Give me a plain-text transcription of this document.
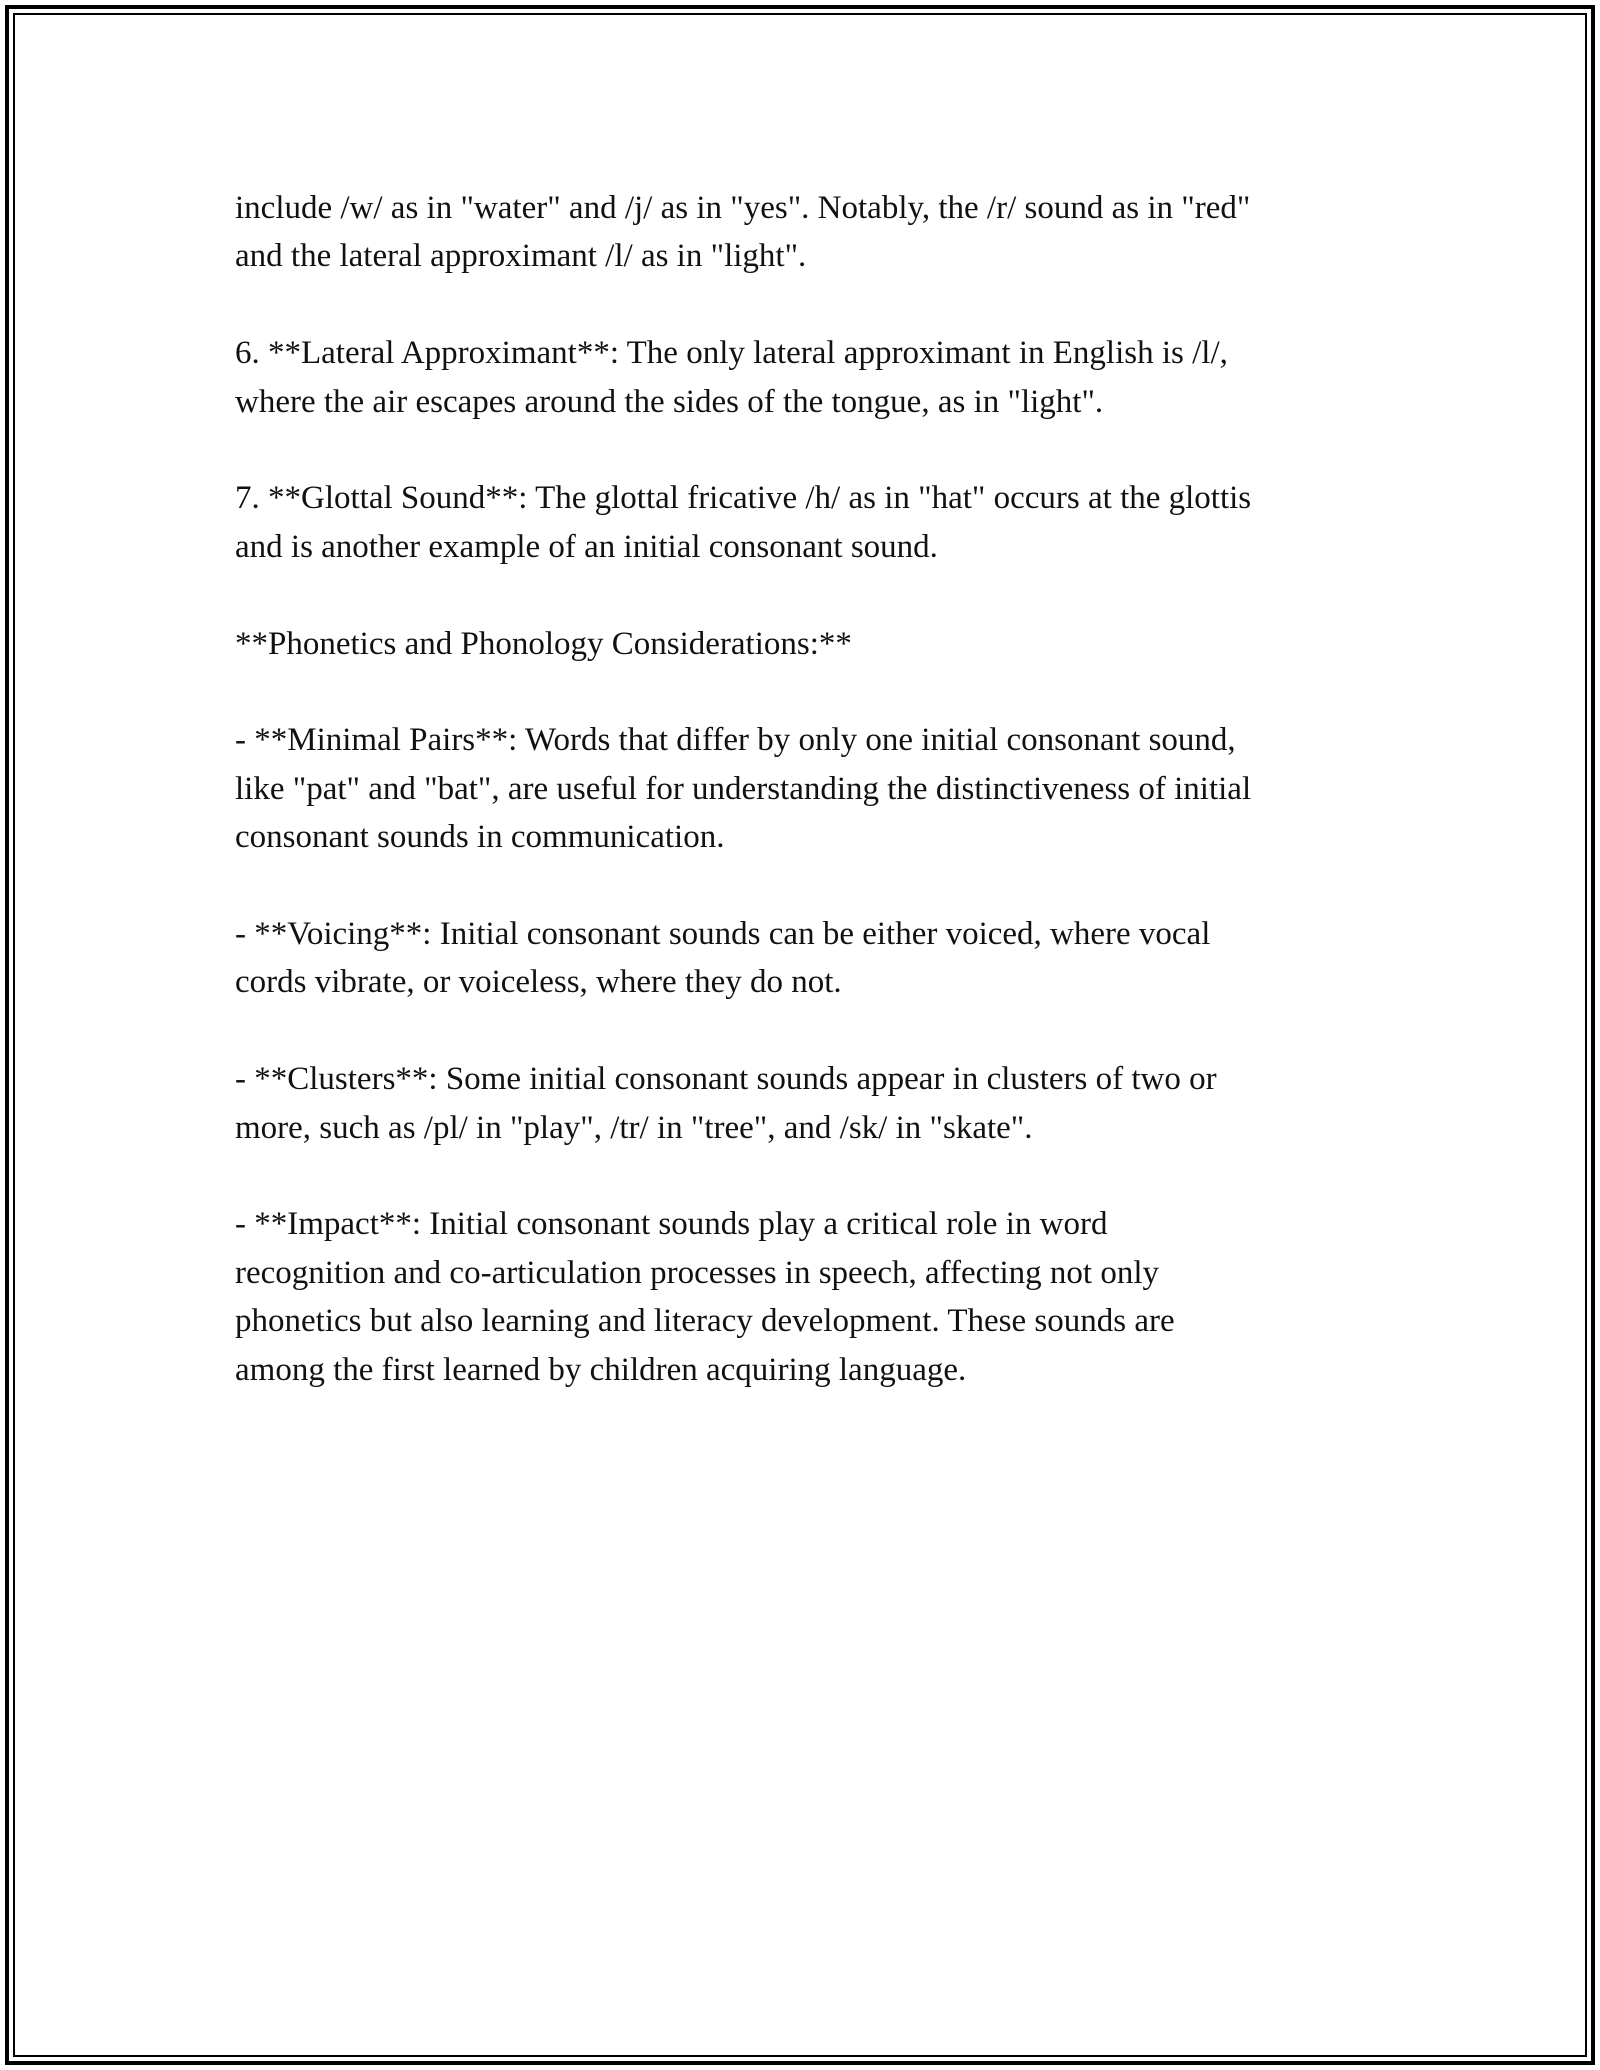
include /w/ as in "water" and /j/ as in "yes". Notably, the /r/ sound as in "red"
and the lateral approximant /l/ as in "light".

6. **Lateral Approximant**: The only lateral approximant in English is /l/,
where the air escapes around the sides of the tongue, as in "light".

7. **Glottal Sound**: The glottal fricative /h/ as in "hat" occurs at the glottis
and is another example of an initial consonant sound.

**Phonetics and Phonology Considerations:**

- **Minimal Pairs**: Words that differ by only one initial consonant sound,
like "pat" and "bat", are useful for understanding the distinctiveness of initial
consonant sounds in communication.

- **Voicing**: Initial consonant sounds can be either voiced, where vocal
cords vibrate, or voiceless, where they do not.

- **Clusters**: Some initial consonant sounds appear in clusters of two or
more, such as /pl/ in "play", /tr/ in "tree", and /sk/ in "skate".

- **Impact**: Initial consonant sounds play a critical role in word
recognition and co-articulation processes in speech, affecting not only
phonetics but also learning and literacy development. These sounds are
among the first learned by children acquiring language.
